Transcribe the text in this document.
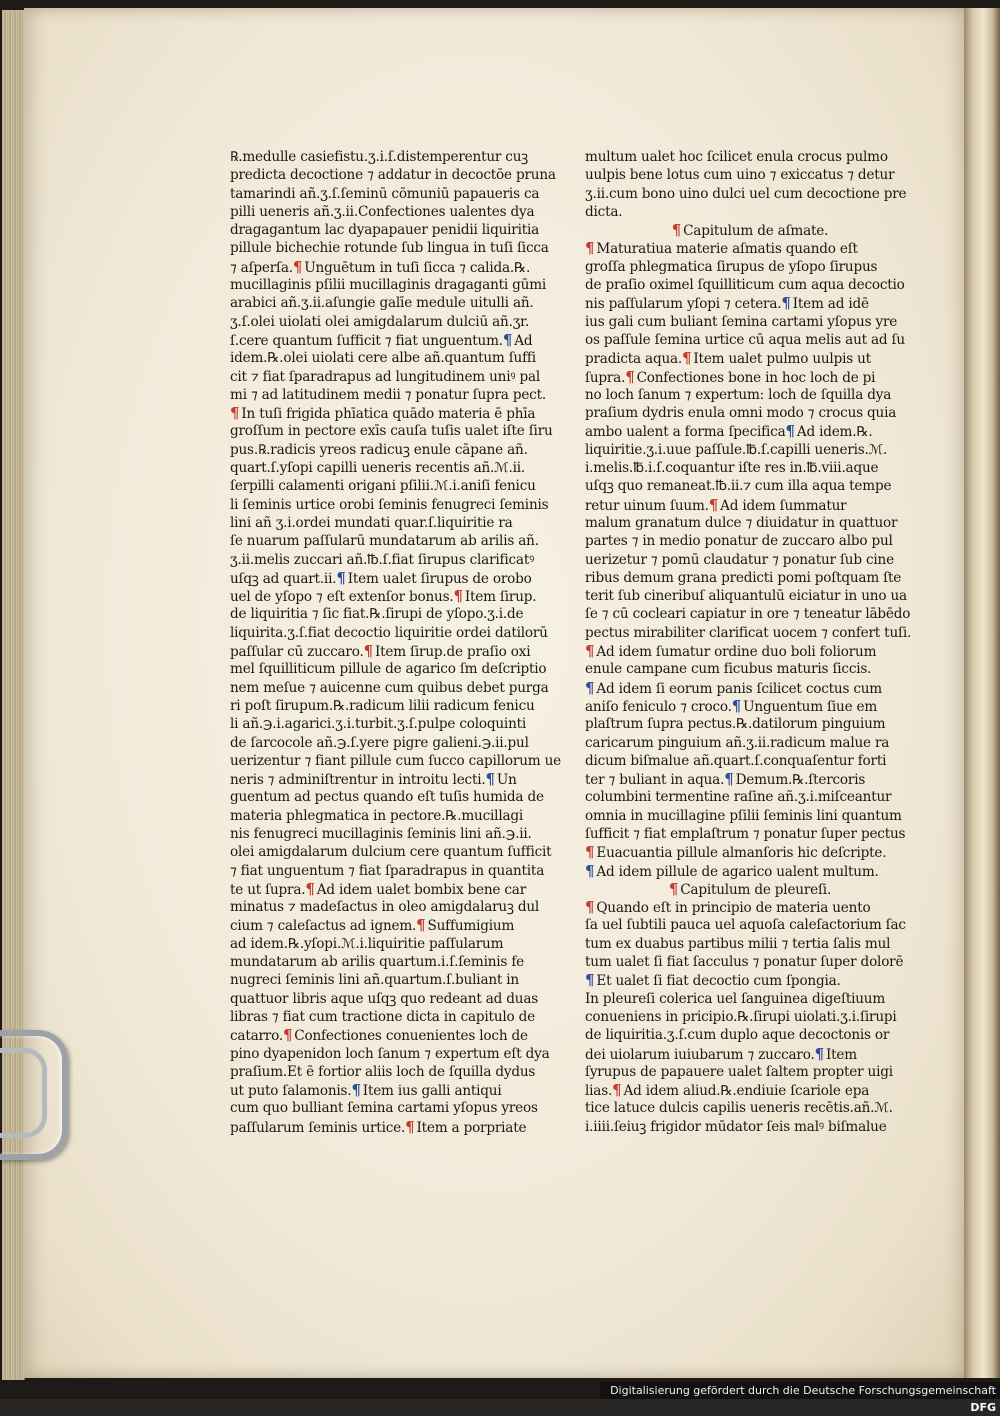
℞.medulle casiefistu.ʒ.i.ſ.distemperentur cuꝫ
predicta decoctione ⁊ addatur in decoctōe pruna
tamarindi añ.ʒ.ſ.ſeminū cōmuniū papaueris ca
pilli ueneris añ.ʒ.ii.Confectiones ualentes dya
dragagantum lac dyapapauer penidii liquiritia
pillule bichechie rotunde ſub lingua in tuſi ſicca
⁊ aſperſa.¶ Unguētum in tuſi ſicca ⁊ calida.℞.
mucillaginis pſilii mucillaginis dragaganti gūmi
arabici añ.ʒ.ii.aſungie galīe medule uitulli añ.
ʒ.ſ.olei uiolati olei amigdalarum dulciū añ.ʒr.
ſ.cere quantum ſufficit ⁊ fiat unguentum.¶ Ad
idem.℞.olei uiolati cere albe añ.quantum ſuffi
cit ⁊ fiat ſparadrapus ad lungitudinem uniꝰ pal
mi ⁊ ad latitudinem medii ⁊ ponatur ſupra pect.
¶ In tuſi frigida phīatica quādo materia ē phīa
groſſum in pectore exīs cauſa tuſis ualet iſte ſiru
pus.℞.radicis yreos radicuꝫ enule cāpane añ.
quart.ſ.yſopi capilli ueneris recentis añ.ℳ.ii.
ſerpilli calamenti origani pſilii.ℳ.i.aniſi fenicu
li ſeminis urtice orobi ſeminis fenugreci ſeminis
lini añ ʒ.i.ordei mundati quar.ſ.liquiritie ra
ſe nuarum paſſularū mundatarum ab arilis añ.
ʒ.ii.melis zuccari añ.℔.ſ.fiat ſirupus clarificatꝰ
uſqꝫ ad quart.ii.¶ Item ualet ſirupus de orobo
uel de yſopo ⁊ eſt extenſor bonus.¶ Item ſirup.
de liquiritia ⁊ ſic fiat.℞.ſirupi de yſopo.ʒ.i.de
liquirita.ʒ.ſ.fiat decoctio liquiritie ordei datilorū
paſſular cū zuccaro.¶ Item ſirup.de praſio oxi
mel ſquilliticum pillule de agarico ſm deſcriptio
nem meſue ⁊ auicenne cum quibus debet purga
ri poſt ſirupum.℞.radicum lilii radicum fenicu
li añ.℈.i.agarici.ʒ.i.turbit.ʒ.ſ.pulpe coloquinti
de ſarcocole añ.℈.ſ.yere pigre galieni.℈.ii.pul
uerizentur ⁊ fiant pillule cum ſucco capillorum ue
neris ⁊ adminiſtrentur in introitu lecti.¶ Un
guentum ad pectus quando eſt tuſis humida de
materia phlegmatica in pectore.℞.mucillagi
nis fenugreci mucillaginis ſeminis lini añ.℈.ii.
olei amigdalarum dulcium cere quantum ſufficit
⁊ fiat unguentum ⁊ fiat ſparadrapus in quantita
te ut ſupra.¶ Ad idem ualet bombix bene car
minatus ⁊ madeſactus in oleo amigdalaruꝫ dul
cium ⁊ caleſactus ad ignem.¶ Suffumigium
ad idem.℞.yſopi.ℳ.i.liquiritie paſſularum
mundatarum ab arilis quartum.i.ſ.ſeminis fe
nugreci ſeminis lini añ.quartum.ſ.buliant in
quattuor libris aque uſqꝫ quo redeant ad duas
libras ⁊ fiat cum tractione dicta in capitulo de
catarro.¶ Confectiones conuenientes loch de
pino dyapenidon loch ſanum ⁊ expertum eſt dya
praſium.Et ē fortior aliis loch de ſquilla dydus
ut puto ſalamonis.¶ Item ius galli antiqui
cum quo bulliant ſemina cartami yſopus yreos
paſſularum ſeminis urtice.¶ Item a porpriate
multum ualet hoc ſcilicet enula crocus pulmo
uulpis bene lotus cum uino ⁊ exiccatus ⁊ detur
ʒ.ii.cum bono uino dulci uel cum decoctione pre
dicta.
¶ Capitulum de aſmate.
¶ Maturatiua materie aſmatis quando eſt
groſſa phlegmatica ſirupus de yſopo ſirupus
de praſio oximel ſquilliticum cum aqua decoctio
nis paſſularum yſopi ⁊ cetera.¶ Item ad idē
ius gali cum buliant ſemina cartami yſopus yre
os paſſule ſemina urtice cū aqua melis aut ad ſu
pradicta aqua.¶ Item ualet pulmo uulpis ut
ſupra.¶ Confectiones bone in hoc loch de pi
no loch ſanum ⁊ expertum: loch de ſquilla dya
praſium dydris enula omni modo ⁊ crocus quia
ambo ualent a forma ſpecifica¶ Ad idem.℞.
liquiritie.ʒ.i.uue paſſule.℔.ſ.capilli ueneris.ℳ.
i.melis.℔.i.ſ.coquantur iſte res in.℔.viii.aque
uſqꝫ quo remaneat.℔.ii.⁊ cum illa aqua tempe
retur uinum ſuum.¶ Ad idem ſummatur
malum granatum dulce ⁊ diuidatur in quattuor
partes ⁊ in medio ponatur de zuccaro albo pul
uerizetur ⁊ pomū claudatur ⁊ ponatur ſub cine
ribus demum grana predicti pomi poſtquam ſte
terit ſub cineribuſ aliquantulū eiciatur in uno ua
ſe ⁊ cū cocleari capiatur in ore ⁊ teneatur lābēdo
pectus mirabiliter clarificat uocem ⁊ confert tuſi.
¶ Ad idem ſumatur ordine duo boli foliorum
enule campane cum ficubus maturis ſiccis.
¶ Ad idem ſi eorum panis ſcilicet coctus cum
aniſo feniculo ⁊ croco.¶ Unguentum ſiue em
plaſtrum ſupra pectus.℞.datilorum pinguium
caricarum pinguium añ.ʒ.ii.radicum malue ra
dicum biſmalue añ.quart.ſ.conquaſentur forti
ter ⁊ buliant in aqua.¶ Demum.℞.ſtercoris
columbini termentine raſine añ.ʒ.i.miſceantur
omnia in mucillagine pſilii ſeminis lini quantum
ſufficit ⁊ fiat emplaſtrum ⁊ ponatur ſuper pectus
¶ Euacuantia pillule almanſoris hic deſcripte.
¶ Ad idem pillule de agarico ualent multum.
¶ Capitulum de pleureſi.
¶ Quando eſt in principio de materia uento
ſa uel ſubtili pauca uel aquoſa caleſactorium ſac
tum ex duabus partibus milii ⁊ tertia ſalis mul
tum ualet ſi fiat ſacculus ⁊ ponatur ſuper dolorē
¶ Et ualet ſi fiat decoctio cum ſpongia.
In pleureſi colerica uel ſanguinea digeſtiuum
conueniens in pricipio.℞.ſirupi uiolati.ʒ.i.ſirupi
de liquiritia.ʒ.ſ.cum duplo aque decoctonis or
dei uiolarum iuiubarum ⁊ zuccaro.¶ Item
ſyrupus de papauere ualet ſaltem propter uigi
lias.¶ Ad idem aliud.℞.endiuie ſcariole epa
tice latuce dulcis capilis ueneris recētis.añ.ℳ.
i.iiii.ſeiuꝫ frigidor mūdator ſeis malꝰ biſmalue
Digitalisierung gefördert durch die Deutsche Forschungsgemeinschaft DFG
